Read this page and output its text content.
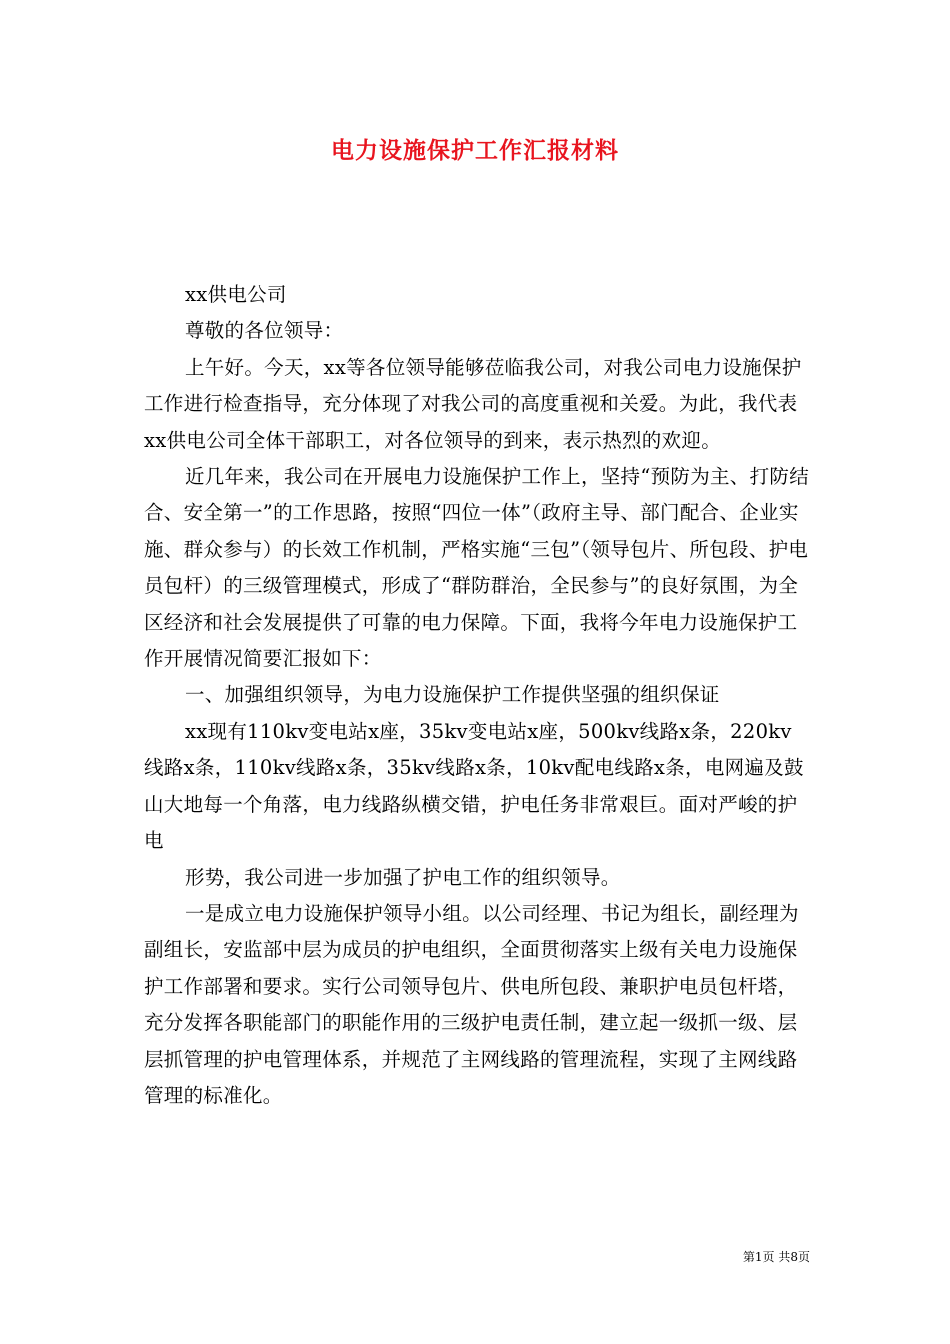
电力设施保护工作汇报材料

xx供电公司

尊敬的各位领导：

上午好。今天，xx等各位领导能够莅临我公司，对我公司电力设施保护工作进行检查指导，充分体现了对我公司的高度重视和关爱。为此，我代表xx供电公司全体干部职工，对各位领导的到来，表示热烈的欢迎。

近几年来，我公司在开展电力设施保护工作上，坚持“预防为主、打防结合、安全第一”的工作思路，按照“四位一体”（政府主导、部门配合、企业实施、群众参与）的长效工作机制，严格实施“三包”（领导包片、所包段、护电员包杆）的三级管理模式，形成了“群防群治，全民参与”的良好氛围，为全区经济和社会发展提供了可靠的电力保障。下面，我将今年电力设施保护工作开展情况简要汇报如下：

一、加强组织领导，为电力设施保护工作提供坚强的组织保证

xx现有110kv变电站x座，35kv变电站x座，500kv线路x条，220kv线路x条，110kv线路x条，35kv线路x条，10kv配电线路x条，电网遍及鼓山大地每一个角落，电力线路纵横交错，护电任务非常艰巨。面对严峻的护电

形势，我公司进一步加强了护电工作的组织领导。

一是成立电力设施保护领导小组。以公司经理、书记为组长，副经理为副组长，安监部中层为成员的护电组织，全面贯彻落实上级有关电力设施保护工作部署和要求。实行公司领导包片、供电所包段、兼职护电员包杆塔，充分发挥各职能部门的职能作用的三级护电责任制，建立起一级抓一级、层层抓管理的护电管理体系，并规范了主网线路的管理流程，实现了主网线路管理的标准化。

第1页 共8页
